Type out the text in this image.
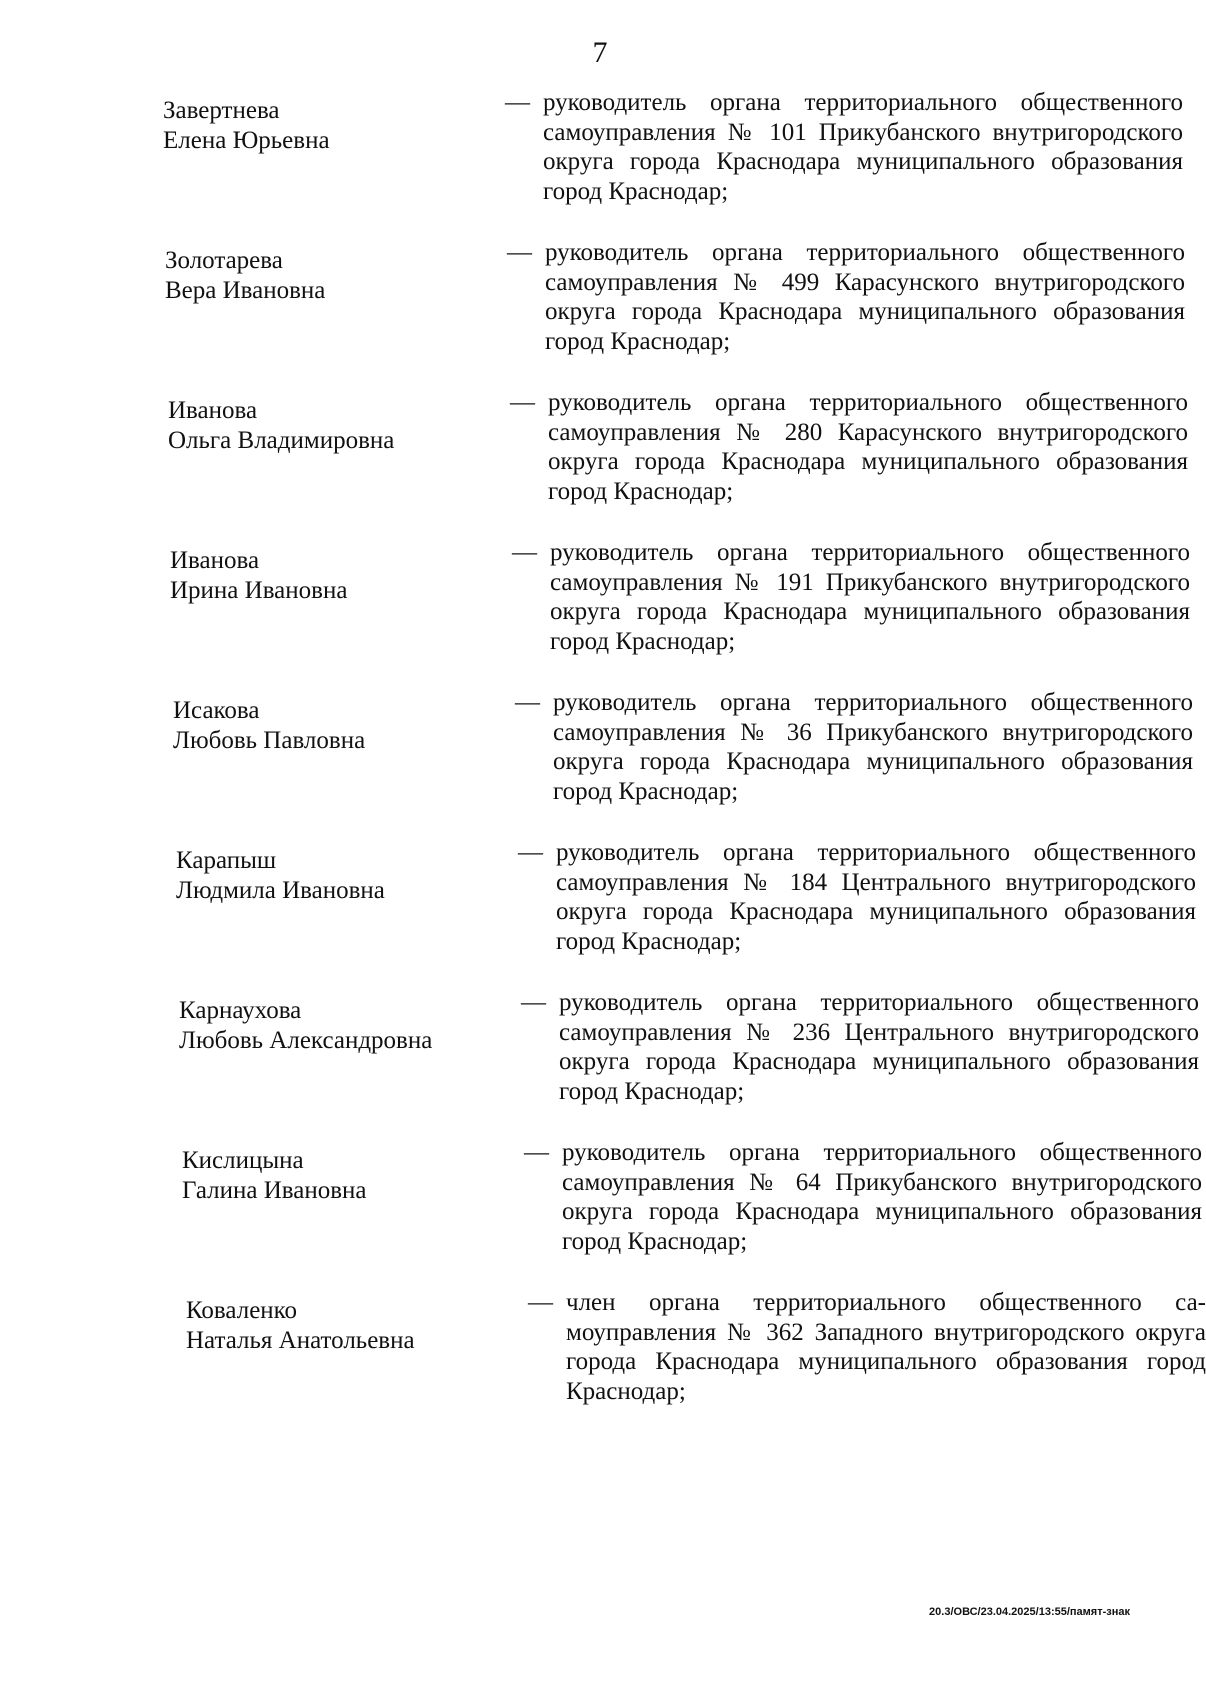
7
Завертнева
Елена Юрьевна
— руководитель органа территориального общественного самоуправления № 101 Прикубанского внутригородского округа города Краснодара муниципального образования город Краснодар;
Золотарева
Вера Ивановна
— руководитель органа территориального общественного самоуправления № 499 Карасунского внутригородского округа города Краснодара муниципального образования город Краснодар;
Иванова
Ольга Владимировна
— руководитель органа территориального общественного самоуправления № 280 Карасунского внутригородского округа города Краснодара муниципального образования город Краснодар;
Иванова
Ирина Ивановна
— руководитель органа территориального общественного самоуправления № 191 Прикубанского внутригородского округа города Краснодара муниципального образования город Краснодар;
Исакова
Любовь Павловна
— руководитель органа территориального общественного самоуправления № 36 Прикубанского внутригородского округа города Краснодара муниципального образования город Краснодар;
Карапыш
Людмила Ивановна
— руководитель органа территориального общественного самоуправления № 184 Центрального внутригородского округа города Краснодара муниципального образования город Краснодар;
Карнаухова
Любовь Александровна
— руководитель органа территориального общественного самоуправления № 236 Центрального внутригородского округа города Краснодара муниципального образования город Краснодар;
Кислицына
Галина Ивановна
— руководитель органа территориального общественного самоуправления № 64 Прикубанского внутригородского округа города Краснодара муниципального образования город Краснодар;
Коваленко
Наталья Анатольевна
— член органа территориального общественного самоуправления № 362 Западного внутригородского округа города Краснодара муниципального образования город Краснодар;
20.3/ОВС/23.04.2025/13:55/памят-знак
